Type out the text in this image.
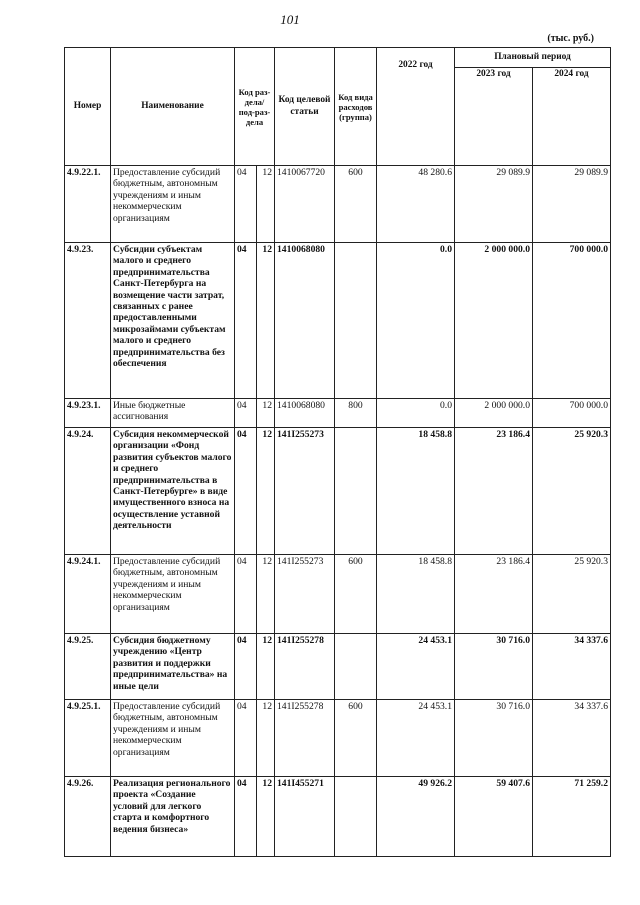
101
(тыс. руб.)
Номер	Наименование	Код раз-дела/ под-раз-дела		Код целевой статьи	Код вида расходов (группа)	2022 год	Плановый период	
							2023 год	2024 год
4.9.22.1.	Предоставление субсидий бюджетным, автономным учреждениям и иным некоммерческим организациям	04	12	1410067720	600	48 280.6	29 089.9	29 089.9
4.9.23.	Субсидии субъектам малого и среднего предпринимательства Санкт-Петербурга на возмещение части затрат, связанных с ранее предоставленными микрозаймами субъектам малого и среднего предпринимательства без обеспечения	04	12	1410068080		0.0	2 000 000.0	700 000.0
4.9.23.1.	Иные бюджетные ассигнования	04	12	1410068080	800	0.0	2 000 000.0	700 000.0
4.9.24.	Субсидия некоммерческой организации «Фонд развития субъектов малого и среднего предпринимательства в Санкт-Петербурге» в виде имущественного взноса на осуществление уставной деятельности	04	12	141I255273		18 458.8	23 186.4	25 920.3
4.9.24.1.	Предоставление субсидий бюджетным, автономным учреждениям и иным некоммерческим организациям	04	12	141I255273	600	18 458.8	23 186.4	25 920.3
4.9.25.	Субсидия бюджетному учреждению «Центр развития и поддержки предпринимательства» на иные цели	04	12	141I255278		24 453.1	30 716.0	34 337.6
4.9.25.1.	Предоставление субсидий бюджетным, автономным учреждениям и иным некоммерческим организациям	04	12	141I255278	600	24 453.1	30 716.0	34 337.6
4.9.26.	Реализация регионального проекта «Создание условий для легкого старта и комфортного ведения бизнеса»	04	12	141I455271		49 926.2	59 407.6	71 259.2
